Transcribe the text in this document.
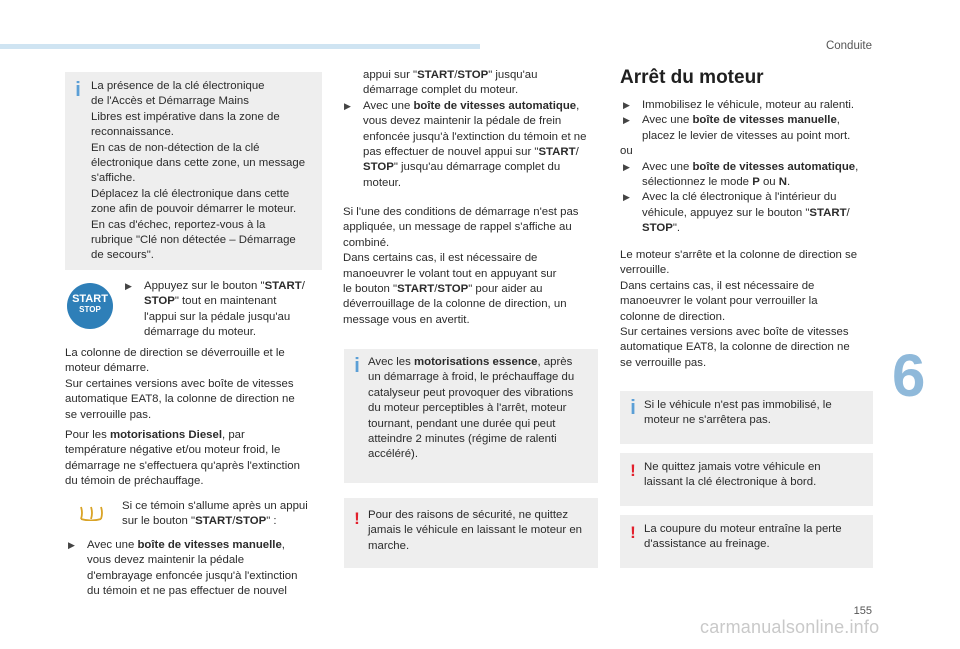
Conduite
6
155
carmanualsonline.info
i La présence de la clé électronique

de l'Accès et Démarrage Mains

Libres est impérative dans la zone de

reconnaissance.

En cas de non-détection de la clé

électronique dans cette zone, un message

s'affiche.

Déplacez la clé électronique dans cette

zone afin de pouvoir démarrer le moteur.

En cas d'échec, reportez-vous à la

rubrique "Clé non détectée – Démarrage

de secours".

START
STOP
▶ Appuyez sur le bouton "START/

STOP" tout en maintenant

l'appui sur la pédale jusqu'au

démarrage du moteur.

La colonne de direction se déverrouille et le

moteur démarre.

Sur certaines versions avec boîte de vitesses

automatique EAT8, la colonne de direction ne

se verrouille pas.

Pour les motorisations Diesel, par

température négative et/ou moteur froid, le

démarrage ne s'effectuera qu'après l'extinction

du témoin de préchauffage.

Si ce témoin s'allume après un appui

sur le bouton "START/STOP" :

▶ Avec une boîte de vitesses manuelle,

vous devez maintenir la pédale

d'embrayage enfoncée jusqu'à l'extinction

du témoin et ne pas effectuer de nouvel

appui sur "START/STOP" jusqu'au

démarrage complet du moteur.

▶ Avec une boîte de vitesses automatique,

vous devez maintenir la pédale de frein

enfoncée jusqu'à l'extinction du témoin et ne

pas effectuer de nouvel appui sur "START/

STOP" jusqu'au démarrage complet du

moteur.

Si l'une des conditions de démarrage n'est pas

appliquée, un message de rappel s'affiche au

combiné.

Dans certains cas, il est nécessaire de

manoeuvrer le volant tout en appuyant sur

le bouton "START/STOP" pour aider au

déverrouillage de la colonne de direction, un

message vous en avertit.

i Avec les motorisations essence, après

un démarrage à froid, le préchauffage du

catalyseur peut provoquer des vibrations

du moteur perceptibles à l'arrêt, moteur

tournant, pendant une durée qui peut

atteindre 2 minutes (régime de ralenti

accéléré).

! Pour des raisons de sécurité, ne quittez

jamais le véhicule en laissant le moteur en

marche.

Arrêt du moteur
▶ Immobilisez le véhicule, moteur au ralenti.

▶ Avec une boîte de vitesses manuelle,

placez le levier de vitesses au point mort.

ou

▶ Avec une boîte de vitesses automatique,

sélectionnez le mode P ou N.

▶ Avec la clé électronique à l'intérieur du

véhicule, appuyez sur le bouton "START/

STOP".

Le moteur s'arrête et la colonne de direction se

verrouille.

Dans certains cas, il est nécessaire de

manoeuvrer le volant pour verrouiller la

colonne de direction.

Sur certaines versions avec boîte de vitesses

automatique EAT8, la colonne de direction ne

se verrouille pas.

i Si le véhicule n'est pas immobilisé, le

moteur ne s'arrêtera pas.

! Ne quittez jamais votre véhicule en

laissant la clé électronique à bord.

! La coupure du moteur entraîne la perte

d'assistance au freinage.
